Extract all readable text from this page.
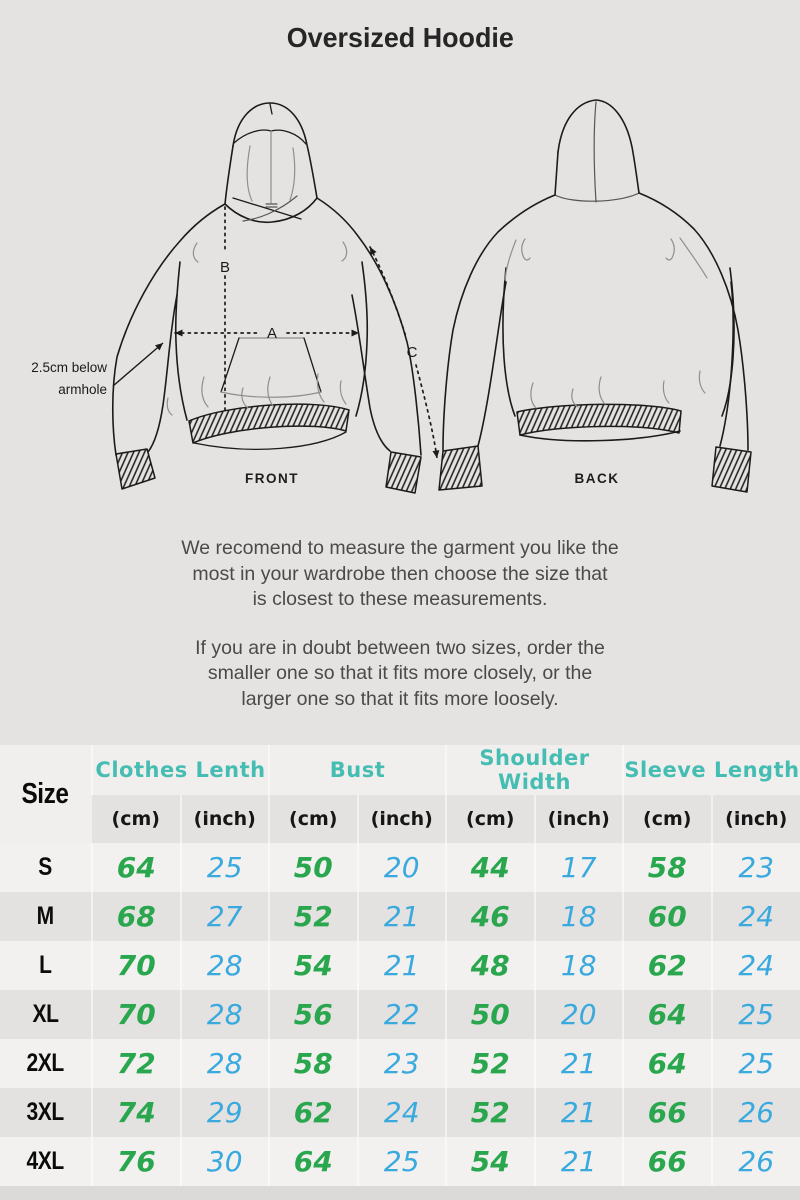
Oversized Hoodie
A
B
C
2.5cm below
armhole
FRONT	BACK

We recomend to measure the garment you like the
most in your wardrobe then choose the size that
is closest to these measurements.

If you are in doubt between two sizes, order the
smaller one so that it fits more closely, or the
larger one so that it fits more loosely.

Size	Clothes Lenth		Bust		Shoulder Width		Sleeve Length	
	(cm)	(inch)	(cm)	(inch)	(cm)	(inch)	(cm)	(inch)
S	64	25	50	20	44	17	58	23
M	68	27	52	21	46	18	60	24
L	70	28	54	21	48	18	62	24
XL	70	28	56	22	50	20	64	25
2XL	72	28	58	23	52	21	64	25
3XL	74	29	62	24	52	21	66	26
4XL	76	30	64	25	54	21	66	26
